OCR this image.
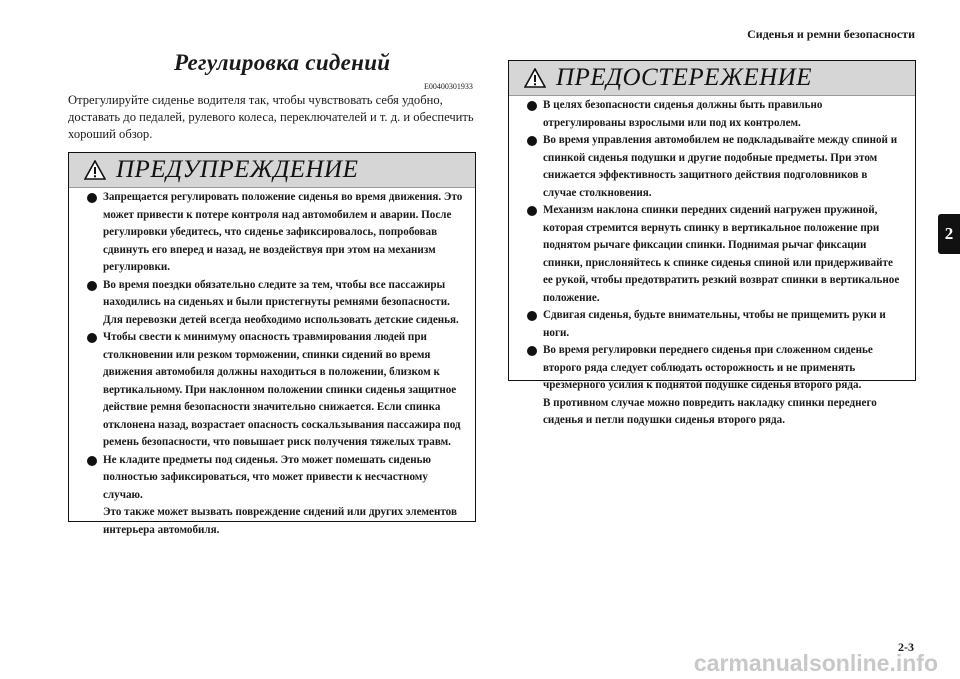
Сиденья и ремни безопасности
2
Регулировка сидений
E00400301933
Отрегулируйте сиденье водителя так, чтобы чувствовать себя удобно, доставать до педалей, рулевого колеса, переключателей и т. д. и обеспечить хороший обзор.
ПРЕДУПРЕЖДЕНИЕ

Запрещается регулировать положение сиденья во время движения. Это может привести к потере контроля над автомобилем и аварии. После регулировки убедитесь, что сиденье зафиксировалось, попробовав сдвинуть его вперед и назад, не воздействуя при этом на механизм регулировки.

Во время поездки обязательно следите за тем, чтобы все пассажиры находились на сиденьях и были пристегнуты ремнями безопасности. Для перевозки детей всегда необходимо использовать детские сиденья.

Чтобы свести к минимуму опасность травмирования людей при столкновении или резком торможении, спинки сидений во время движения автомобиля должны находиться в положении, близком к вертикальному. При наклонном положении спинки сиденья защитное действие ремня безопасности значительно снижается. Если спинка отклонена назад, возрастает опасность соскальзывания пассажира под ремень безопасности, что повышает риск получения тяжелых травм.

Не кладите предметы под сиденья. Это может помешать сиденью полностью зафиксироваться, что может привести к несчастному случаю.

Это также может вызвать повреждение сидений или других элементов интерьера автомобиля.

ПРЕДОСТЕРЕЖЕНИЕ

В целях безопасности сиденья должны быть правильно отрегулированы взрослыми или под их контролем.

Во время управления автомобилем не подкладывайте между спиной и спинкой сиденья подушки и другие подобные предметы. При этом снижается эффективность защитного действия подголовников в случае столкновения.

Механизм наклона спинки передних сидений нагружен пружиной, которая стремится вернуть спинку в вертикальное положение при поднятом рычаге фиксации спинки. Поднимая рычаг фиксации спинки, прислоняйтесь к спинке сиденья спиной или придерживайте ее рукой, чтобы предотвратить резкий возврат спинки в вертикальное положение.

Сдвигая сиденья, будьте внимательны, чтобы не прищемить руки и ноги.

Во время регулировки переднего сиденья при сложенном сиденье второго ряда следует соблюдать осторожность и не применять чрезмерного усилия к поднятой подушке сиденья второго ряда.

В противном случае можно повредить накладку спинки переднего сиденья и петли подушки сиденья второго ряда.

2-3
carmanualsonline.info
